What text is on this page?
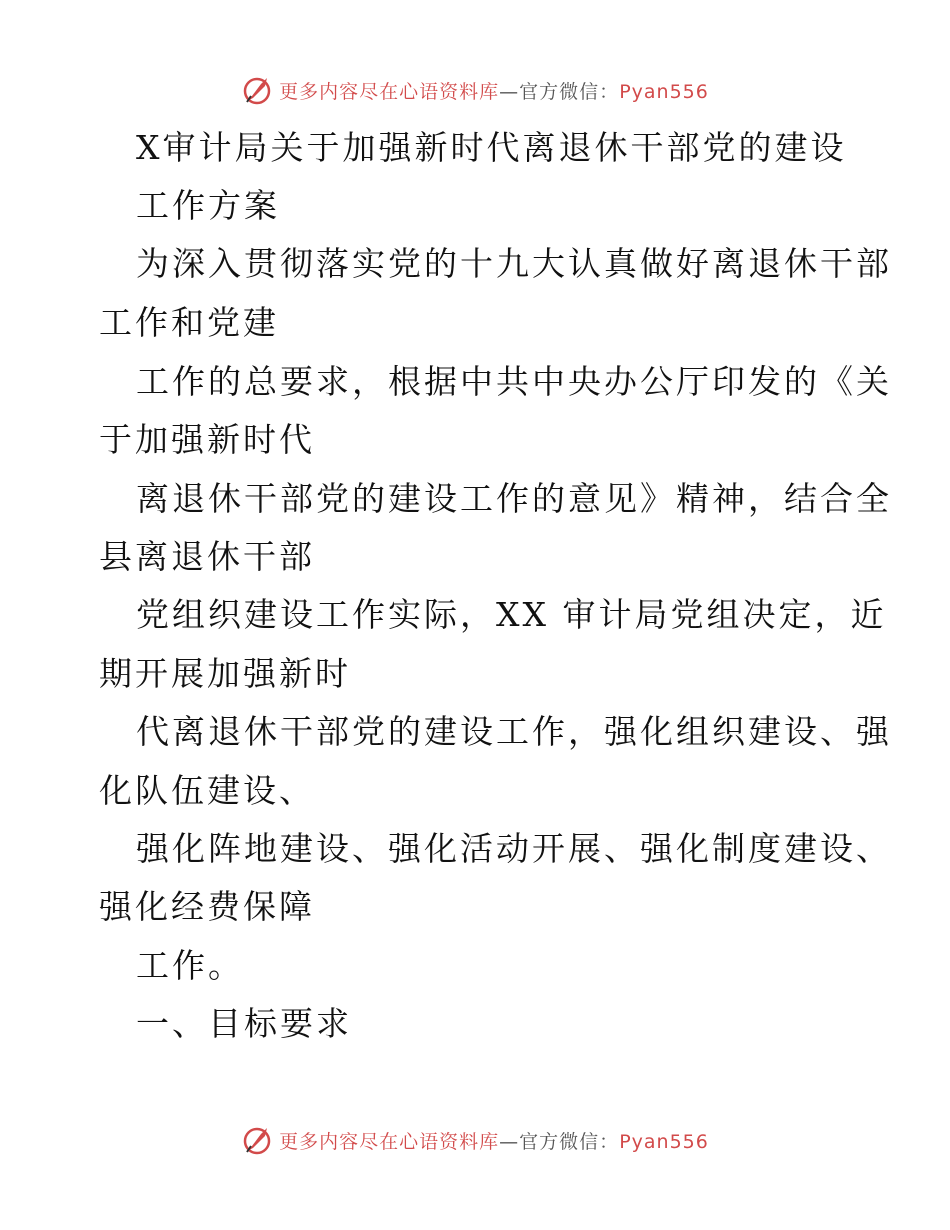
更多内容尽在心语资料库—官方微信：Pyan556
X审计局关于加强新时代离退休干部党的建设
工作方案
为深入贯彻落实党的十九大认真做好离退休干部
工作和党建
工作的总要求，根据中共中央办公厅印发的《关
于加强新时代
离退休干部党的建设工作的意见》精神，结合全
县离退休干部
党组织建设工作实际，XX 审计局党组决定，近
期开展加强新时
代离退休干部党的建设工作，强化组织建设、强
化队伍建设、
强化阵地建设、强化活动开展、强化制度建设、
强化经费保障
工作。
一、目标要求
更多内容尽在心语资料库—官方微信：Pyan556
